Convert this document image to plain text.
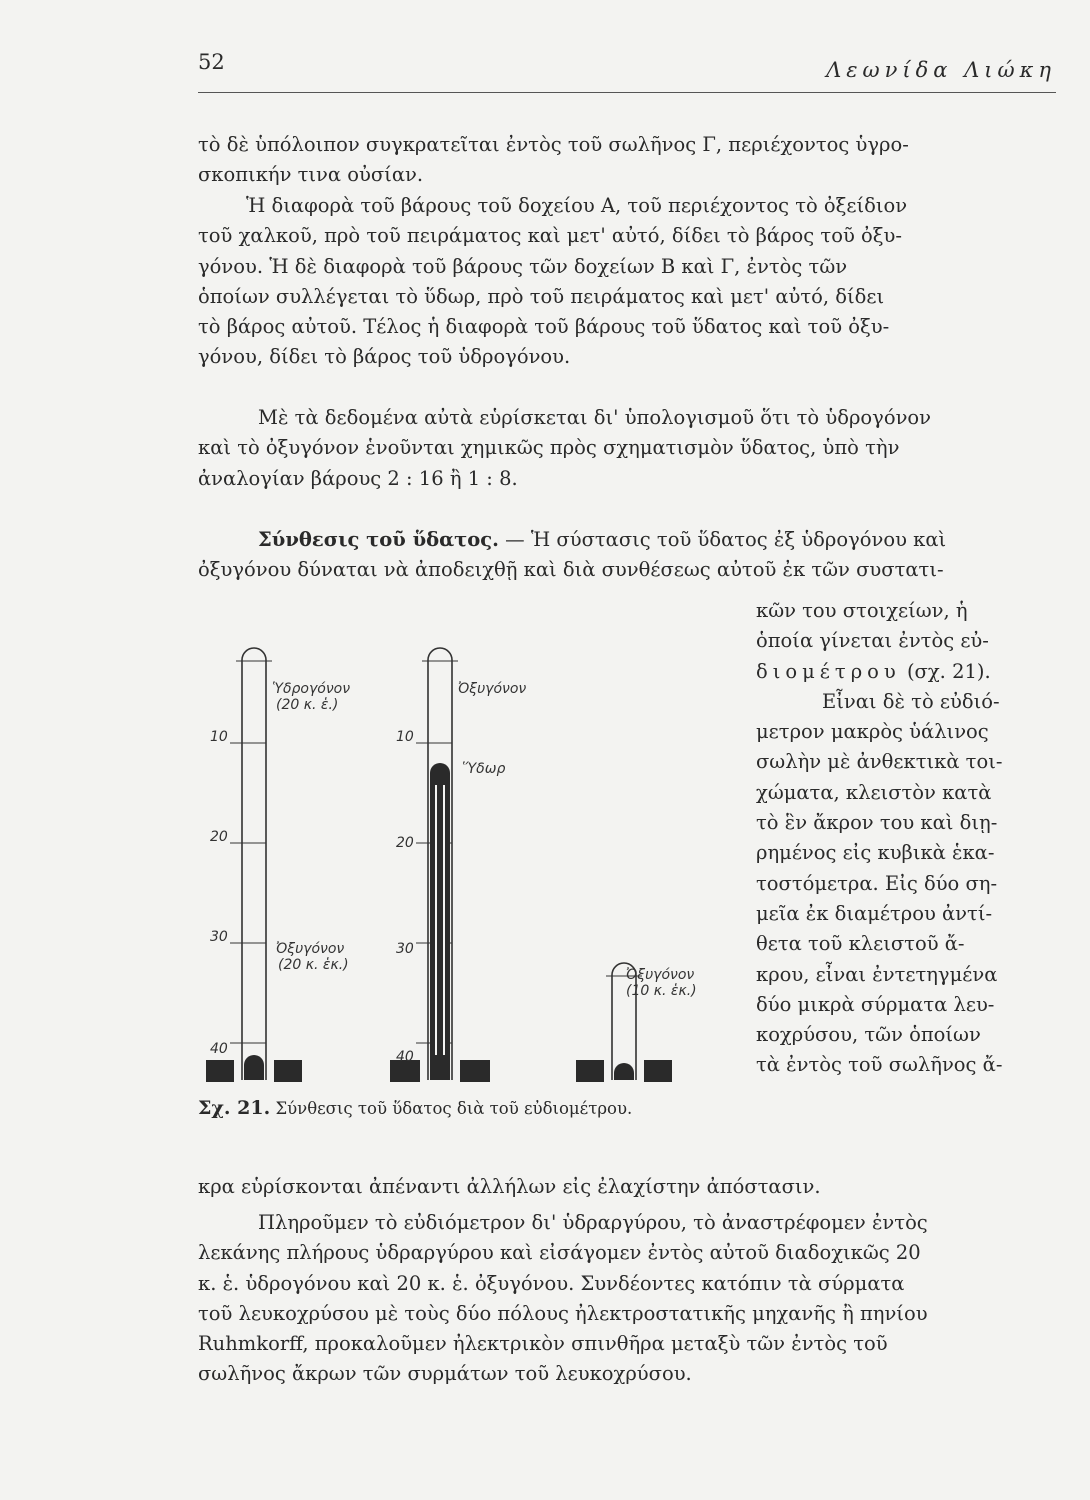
52	Λεωνίδα Λιώκη
τὸ δὲ ὑπόλοιπον συγκρατεῖται ἐντὸς τοῦ σωλῆνος Γ, περιέχοντος ὑγρο-
σκοπικήν τινα οὐσίαν.
Ἡ διαφορὰ τοῦ βάρους τοῦ δοχείου Α, τοῦ περιέχοντος τὸ ὀξείδιον
τοῦ χαλκοῦ, πρὸ τοῦ πειράματος καὶ μετ' αὐτό, δίδει τὸ βάρος τοῦ ὀξυ-
γόνου. Ἡ δὲ διαφορὰ τοῦ βάρους τῶν δοχείων Β καὶ Γ, ἐντὸς τῶν
ὁποίων συλλέγεται τὸ ὕδωρ, πρὸ τοῦ πειράματος καὶ μετ' αὐτό, δίδει
τὸ βάρος αὐτοῦ. Τέλος ἡ διαφορὰ τοῦ βάρους τοῦ ὕδατος καὶ τοῦ ὀξυ-
γόνου, δίδει τὸ βάρος τοῦ ὑδρογόνου.
Μὲ τὰ δεδομένα αὐτὰ εὑρίσκεται δι' ὑπολογισμοῦ ὅτι τὸ ὑδρογόνον
καὶ τὸ ὀξυγόνον ἑνοῦνται χημικῶς πρὸς σχηματισμὸν ὕδατος, ὑπὸ τὴν
ἀναλογίαν βάρους 2 : 16 ἢ 1 : 8.
Σύνθεσις τοῦ ὕδατος. — Ἡ σύστασις τοῦ ὕδατος ἐξ ὑδρογόνου καὶ
ὀξυγόνου δύναται νὰ ἀποδειχθῇ καὶ διὰ συνθέσεως αὐτοῦ ἐκ τῶν συστατι-
κῶν του στοιχείων, ἡ
ὁποία γίνεται ἐντὸς εὐ-
διομέτρου (σχ. 21).
Εἶναι δὲ τὸ εὐδιό-
μετρον μακρὸς ὑάλινος
σωλὴν μὲ ἀνθεκτικὰ τοι-
χώματα, κλειστὸν κατὰ
τὸ ἓν ἄκρον του καὶ διῃ-
ρημένος εἰς κυβικὰ ἑκα-
τοστόμετρα. Εἰς δύο ση-
μεῖα ἐκ διαμέτρου ἀντί-
θετα τοῦ κλειστοῦ ἄ-
κρου, εἶναι ἐντετηγμένα
δύο μικρὰ σύρματα λευ-
κοχρύσου, τῶν ὁποίων
τὰ ἐντὸς τοῦ σωλῆνος ἄ-
Ὑδρογόνον
(20 κ. ἑ.)
Ὀξυγόνον
(20 κ. ἑκ.)
10
20
30
40
Ὀξυγόνον
Ὕδωρ
10
20
30
40
Ὀξυγόνον
(10 κ. ἑκ.)
Σχ. 21. Σύνθεσις τοῦ ὕδατος διὰ τοῦ εὐδιομέτρου.
κρα εὑρίσκονται ἀπέναντι ἀλλήλων εἰς ἐλαχίστην ἀπόστασιν.
Πληροῦμεν τὸ εὐδιόμετρον δι' ὑδραργύρου, τὸ ἀναστρέφομεν ἐντὸς
λεκάνης πλήρους ὑδραργύρου καὶ εἰσάγομεν ἐντὸς αὐτοῦ διαδοχικῶς 20
κ. ἑ. ὑδρογόνου καὶ 20 κ. ἑ. ὀξυγόνου. Συνδέοντες κατόπιν τὰ σύρματα
τοῦ λευκοχρύσου μὲ τοὺς δύο πόλους ἠλεκτροστατικῆς μηχανῆς ἢ πηνίου
Ruhmkorff, προκαλοῦμεν ἠλεκτρικὸν σπινθῆρα μεταξὺ τῶν ἐντὸς τοῦ
σωλῆνος ἄκρων τῶν συρμάτων τοῦ λευκοχρύσου.
